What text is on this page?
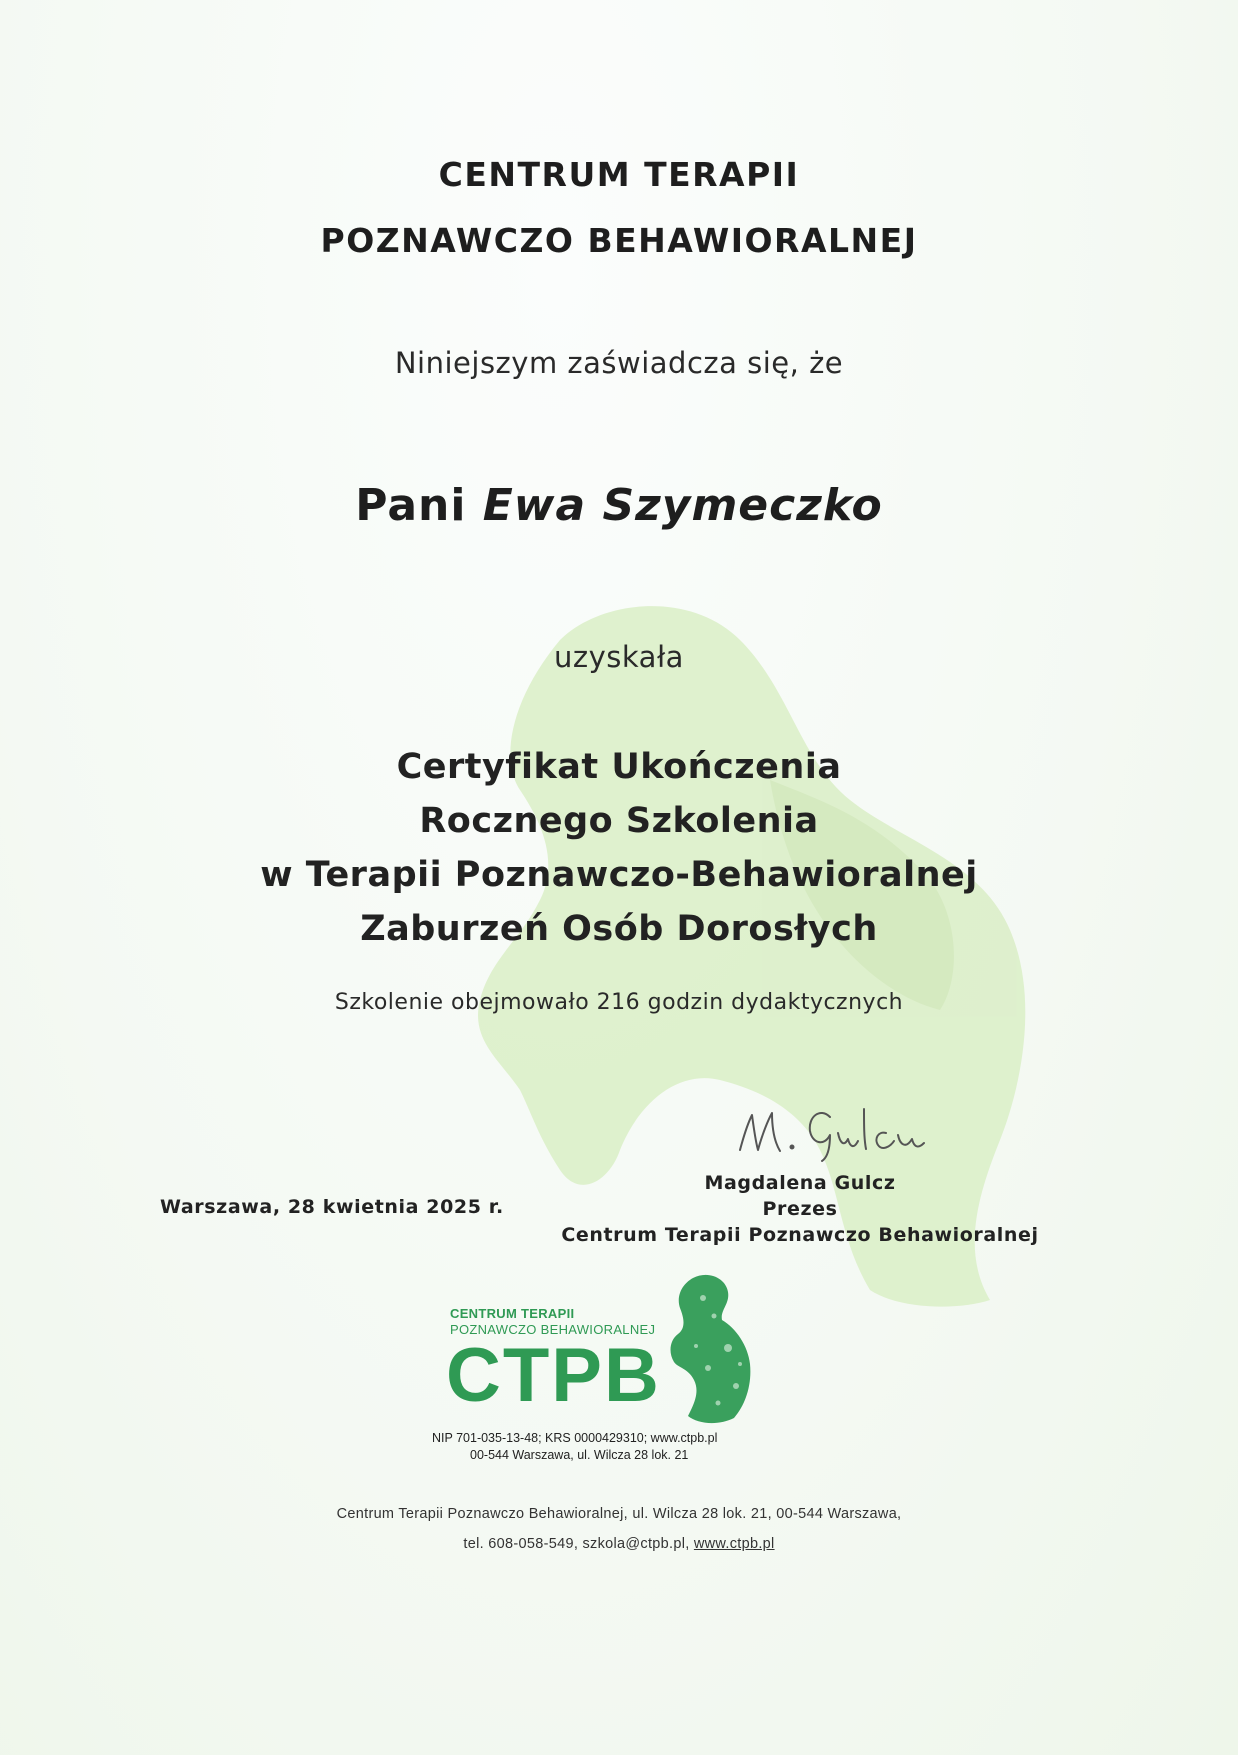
CENTRUM TERAPII
POZNAWCZO BEHAWIORALNEJ
Niniejszym zaświadcza się, że
Pani Ewa Szymeczko
uzyskała
Certyfikat Ukończenia
Rocznego Szkolenia
w Terapii Poznawczo-Behawioralnej
Zaburzeń Osób Dorosłych
Szkolenie obejmowało 216 godzin dydaktycznych
Warszawa, 28 kwietnia 2025 r.
Magdalena Gulcz
Prezes
Centrum Terapii Poznawczo Behawioralnej
CENTRUM TERAPII
POZNAWCZO BEHAWIORALNEJ
CTPB
NIP 701-035-13-48; KRS 0000429310; www.ctpb.pl
00-544 Warszawa, ul. Wilcza 28 lok. 21
Centrum Terapii Poznawczo Behawioralnej, ul. Wilcza 28 lok. 21, 00-544 Warszawa,
tel. 608-058-549, szkola@ctpb.pl, www.ctpb.pl
